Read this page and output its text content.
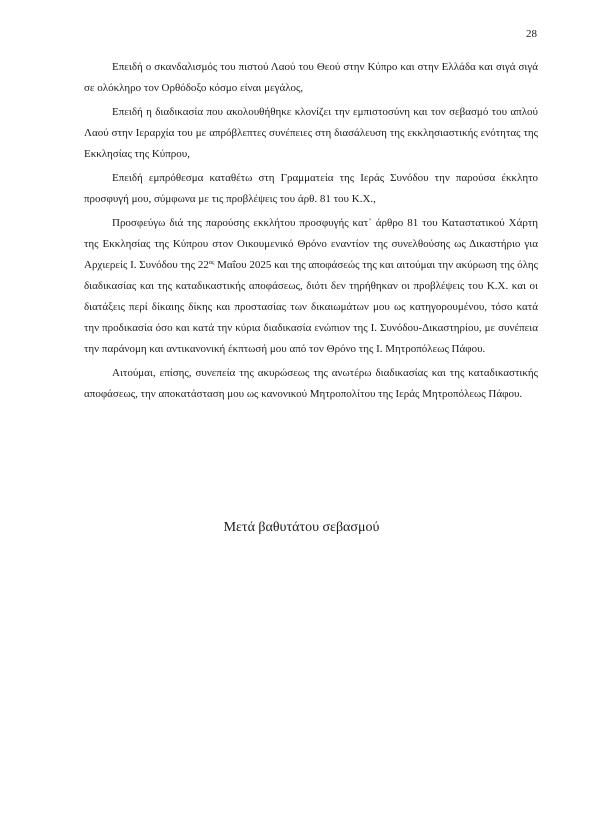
28

Επειδή ο σκανδαλισμός του πιστού Λαού του Θεού στην Κύπρο και στην Ελλάδα και σιγά σιγά σε ολόκληρο τον Ορθόδοξο κόσμο είναι μεγάλος,

Επειδή η διαδικασία που ακολουθήθηκε κλονίζει την εμπιστοσύνη και τον σεβασμό του απλού Λαού στην Ιεραρχία του με απρόβλεπτες συνέπειες στη διασάλευση της εκκλησιαστικής ενότητας της Εκκλησίας της Κύπρου,

Επειδή εμπρόθεσμα καταθέτω στη Γραμματεία της Ιεράς Συνόδου την παρούσα έκκλητο προσφυγή μου, σύμφωνα με τις προβλέψεις του άρθ. 81 του Κ.Χ.,

Προσφεύγω διά της παρούσης εκκλήτου προσφυγής κατ᾽ άρθρο 81 του Καταστατικού Χάρτη της Εκκλησίας της Κύπρου στον Οικουμενικό Θρόνο εναντίον της συνελθούσης ως Δικαστήριο για Αρχιερείς Ι. Συνόδου της $22^{\alpha\varsigma}$ Μαΐου 2025 και της αποφάσεώς της και αιτούμαι την ακύρωση της όλης διαδικασίας και της καταδικαστικής αποφάσεως, διότι δεν τηρήθηκαν οι προβλέψεις του Κ.Χ. και οι διατάξεις περί δίκαιης δίκης και προστασίας των δικαιωμάτων μου ως κατηγορουμένου, τόσο κατά την προδικασία όσο και κατά την κύρια διαδικασία ενώπιον της Ι. Συνόδου-Δικαστηρίου, με συνέπεια την παράνομη και αντικανονική έκπτωσή μου από τον Θρόνο της Ι. Μητροπόλεως Πάφου.

Αιτούμαι, επίσης, συνεπεία της ακυρώσεως της ανωτέρω διαδικασίας και της καταδικαστικής αποφάσεως, την αποκατάσταση μου ως κανονικού Μητροπολίτου της Ιεράς Μητροπόλεως Πάφου.

Μετά βαθυτάτου σεβασμού
